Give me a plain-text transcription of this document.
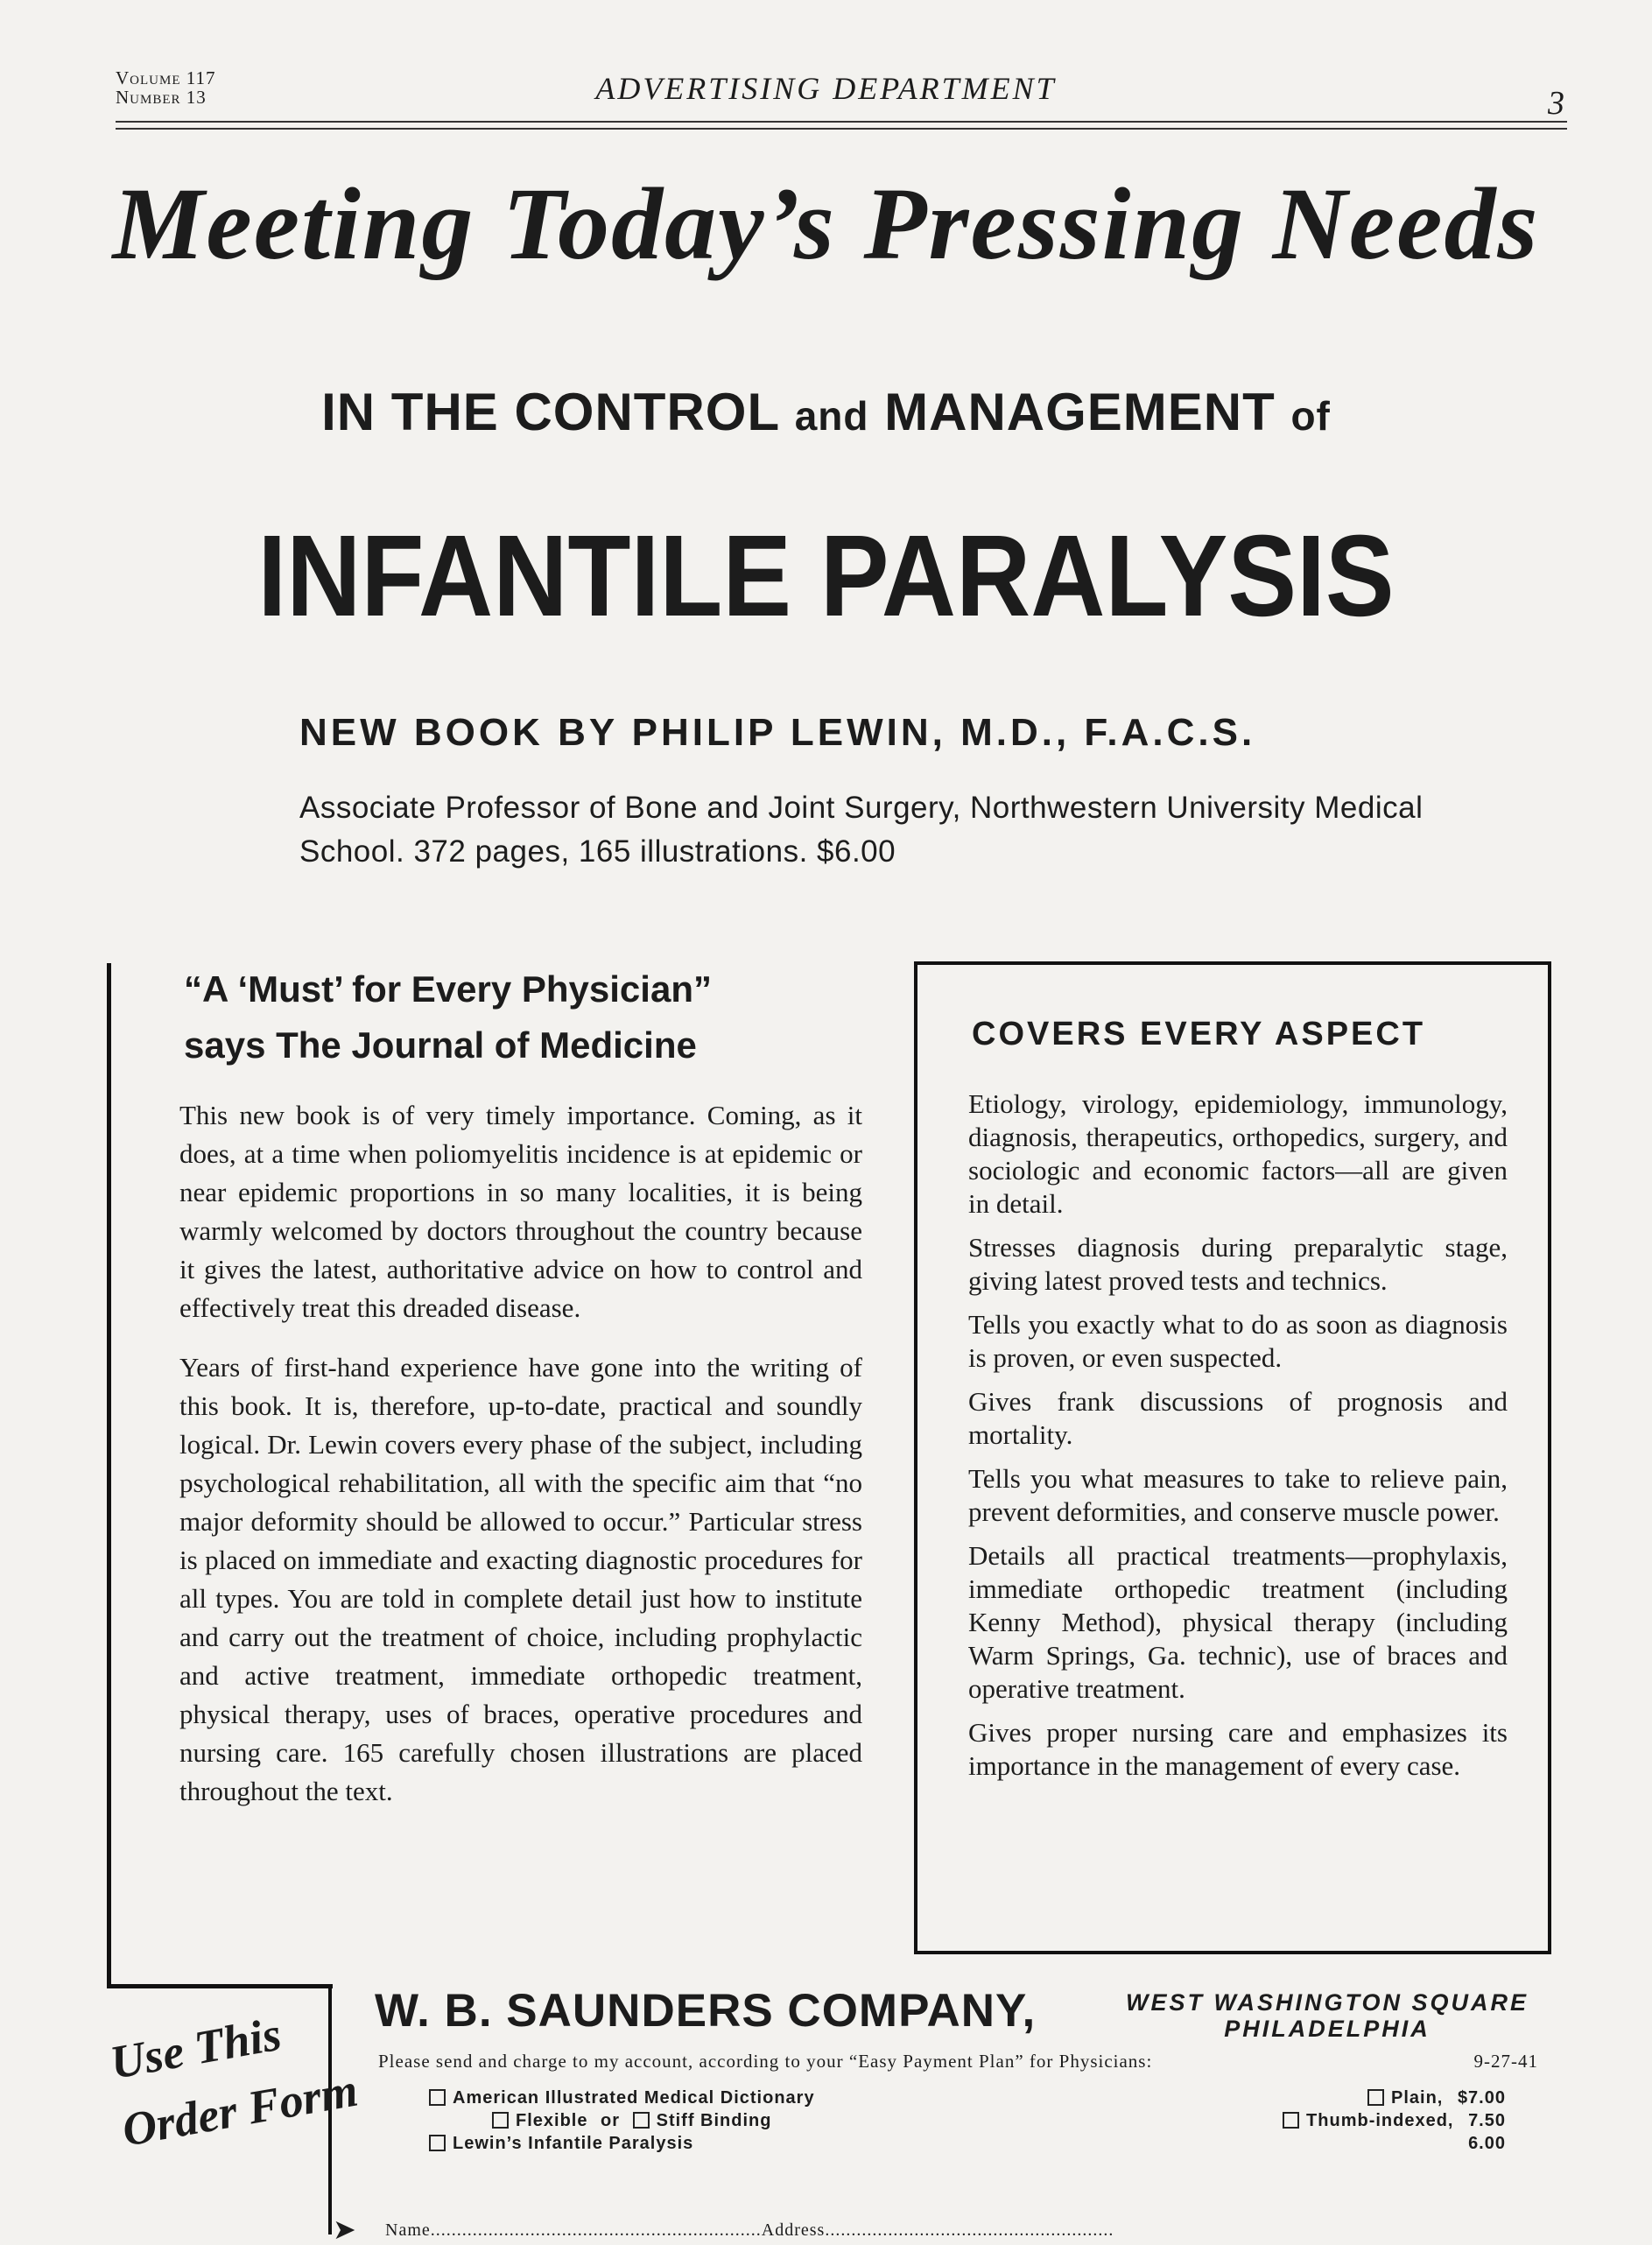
Volume 117
Number 13	ADVERTISING DEPARTMENT	3
Meeting Today’s Pressing Needs
IN THE CONTROL and MANAGEMENT of
INFANTILE PARALYSIS
NEW BOOK BY PHILIP LEWIN, M.D., F.A.C.S.
Associate Professor of Bone and Joint Surgery, Northwestern University Medical School. 372 pages, 165 illustrations. $6.00
“A ‘Must’ for Every Physician”
says The Journal of Medicine

This new book is of very timely importance. Coming, as it does, at a time when poliomyelitis incidence is at epidemic or near epidemic proportions in so many localities, it is being warmly welcomed by doctors throughout the country because it gives the latest, authoritative advice on how to control and effectively treat this dreaded disease.

Years of first-hand experience have gone into the writing of this book. It is, therefore, up-to-date, practical and soundly logical. Dr. Lewin covers every phase of the subject, including psychological rehabilitation, all with the specific aim that “no major deformity should be allowed to occur.” Particular stress is placed on immediate and exacting diagnostic procedures for all types. You are told in complete detail just how to institute and carry out the treatment of choice, including prophylactic and active treatment, immediate orthopedic treatment, physical therapy, uses of braces, operative procedures and nursing care. 165 carefully chosen illustrations are placed throughout the text.

COVERS EVERY ASPECT

Etiology, virology, epidemiology, immunology, diagnosis, therapeutics, orthopedics, surgery, and sociologic and economic factors—all are given in detail.

Stresses diagnosis during preparalytic stage, giving latest proved tests and technics.

Tells you exactly what to do as soon as diagnosis is proven, or even suspected.

Gives frank discussions of prognosis and mortality.

Tells you what measures to take to relieve pain, prevent deformities, and conserve muscle power.

Details all practical treatments—prophylaxis, immediate orthopedic treatment (including Kenny Method), physical therapy (including Warm Springs, Ga. technic), use of braces and operative treatment.

Gives proper nursing care and emphasizes its importance in the management of every case.

Use This
Order Form
W. B. SAUNDERS COMPANY,	WEST WASHINGTON SQUARE
PHILADELPHIA
Please send and charge to my account, according to your “Easy Payment Plan” for Physicians:	9-27-41
American Illustrated Medical Dictionary	Plain, $7.00
Flexible or Stiff Binding	Thumb-indexed, 7.50
Lewin’s Infantile Paralysis	6.00
➤ Name...............................................................Address.......................................................
